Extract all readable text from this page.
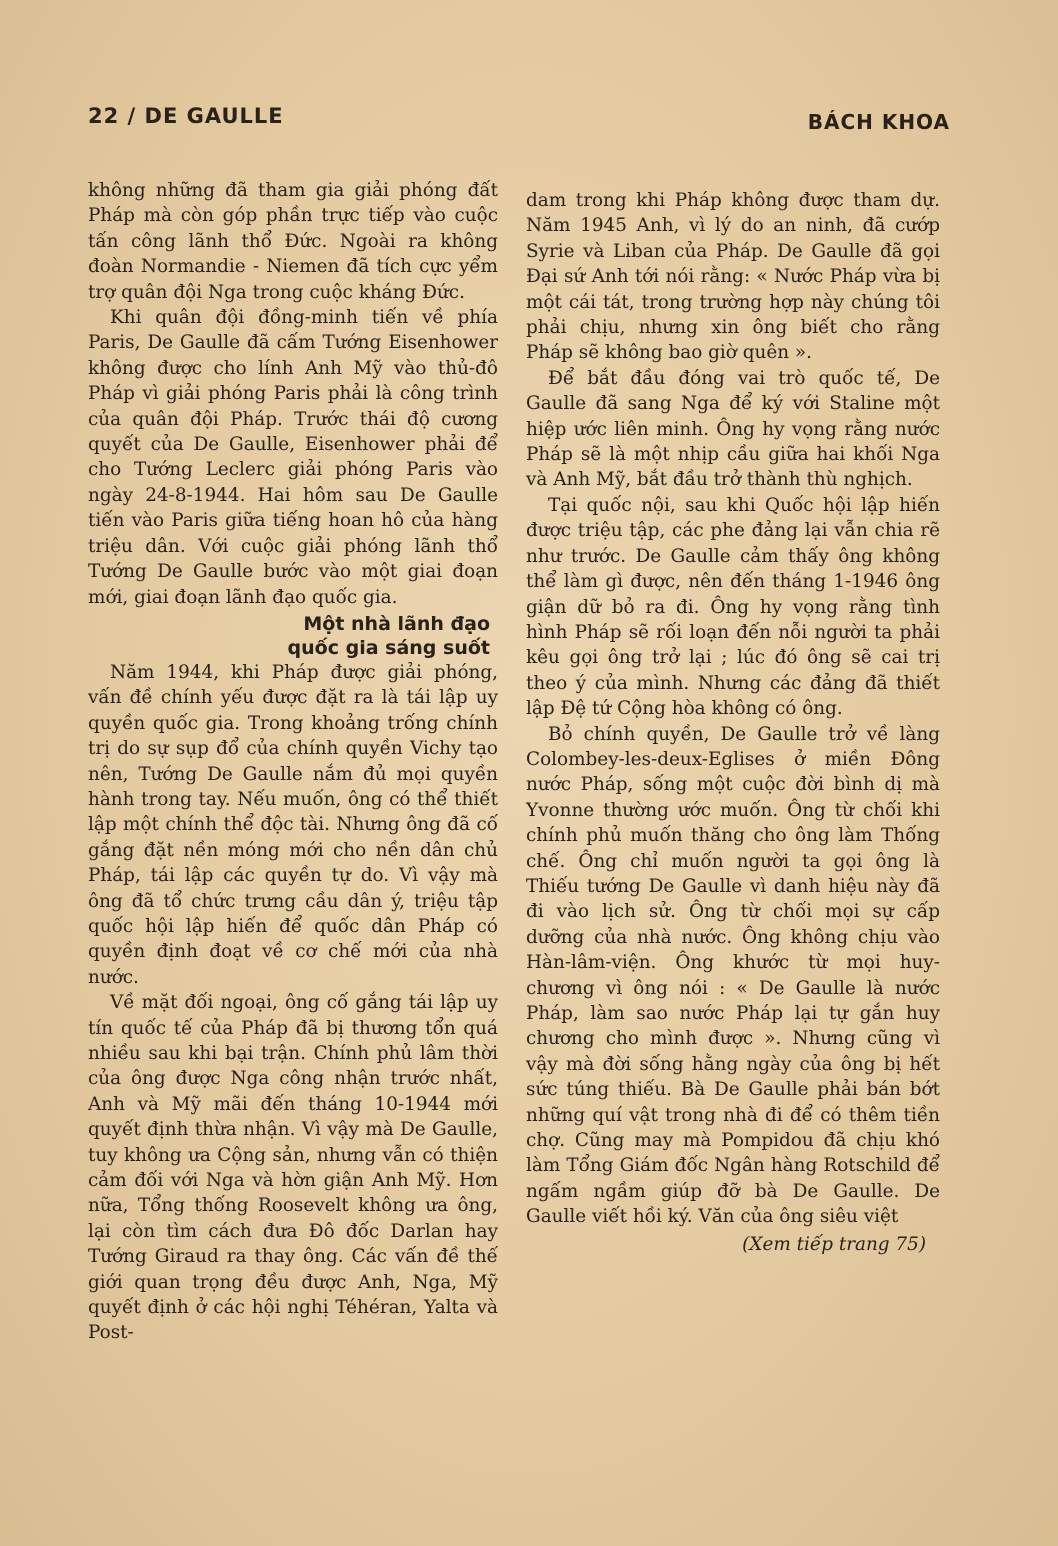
22 / DE GAULLE	BÁCH KHOA

không những đã tham gia giải phóng đất Pháp mà còn góp phần trực tiếp vào cuộc tấn công lãnh thổ Đức. Ngoài ra không đoàn Normandie - Niemen đã tích cực yểm trợ quân đội Nga trong cuộc kháng Đức.

Khi quân đội đồng-minh tiến về phía Paris, De Gaulle đã cấm Tướng Eisenhower không được cho lính Anh Mỹ vào thủ-đô Pháp vì giải phóng Paris phải là công trình của quân đội Pháp. Trước thái độ cương quyết của De Gaulle, Eisenhower phải để cho Tướng Leclerc giải phóng Paris vào ngày 24-8-1944. Hai hôm sau De Gaulle tiến vào Paris giữa tiếng hoan hô của hàng triệu dân. Với cuộc giải phóng lãnh thổ Tướng De Gaulle bước vào một giai đoạn mới, giai đoạn lãnh đạo quốc gia.

Một nhà lãnh đạo
quốc gia sáng suốt

Năm 1944, khi Pháp được giải phóng, vấn đề chính yếu được đặt ra là tái lập uy quyền quốc gia. Trong khoảng trống chính trị do sự sụp đổ của chính quyền Vichy tạo nên, Tướng De Gaulle nắm đủ mọi quyền hành trong tay. Nếu muốn, ông có thể thiết lập một chính thể độc tài. Nhưng ông đã cố gắng đặt nền móng mới cho nền dân chủ Pháp, tái lập các quyền tự do. Vì vậy mà ông đã tổ chức trưng cầu dân ý, triệu tập quốc hội lập hiến để quốc dân Pháp có quyền định đoạt về cơ chế mới của nhà nước.

Về mặt đối ngoại, ông cố gắng tái lập uy tín quốc tế của Pháp đã bị thương tổn quá nhiều sau khi bại trận. Chính phủ lâm thời của ông được Nga công nhận trước nhất, Anh và Mỹ mãi đến tháng 10-1944 mới quyết định thừa nhận. Vì vậy mà De Gaulle, tuy không ưa Cộng sản, nhưng vẫn có thiện cảm đối với Nga và hờn giận Anh Mỹ. Hơn nữa, Tổng thống Roosevelt không ưa ông, lại còn tìm cách đưa Đô đốc Darlan hay Tướng Giraud ra thay ông. Các vấn đề thế giới quan trọng đều được Anh, Nga, Mỹ quyết định ở các hội nghị Téhéran, Yalta và Post-

dam trong khi Pháp không được tham dự. Năm 1945 Anh, vì lý do an ninh, đã cướp Syrie và Liban của Pháp. De Gaulle đã gọi Đại sứ Anh tới nói rằng: « Nước Pháp vừa bị một cái tát, trong trường hợp này chúng tôi phải chịu, nhưng xin ông biết cho rằng Pháp sẽ không bao giờ quên ».

Để bắt đầu đóng vai trò quốc tế, De Gaulle đã sang Nga để ký với Staline một hiệp ước liên minh. Ông hy vọng rằng nước Pháp sẽ là một nhịp cầu giữa hai khối Nga và Anh Mỹ, bắt đầu trở thành thù nghịch.

Tại quốc nội, sau khi Quốc hội lập hiến được triệu tập, các phe đảng lại vẫn chia rẽ như trước. De Gaulle cảm thấy ông không thể làm gì được, nên đến tháng 1-1946 ông giận dữ bỏ ra đi. Ông hy vọng rằng tình hình Pháp sẽ rối loạn đến nỗi người ta phải kêu gọi ông trở lại ; lúc đó ông sẽ cai trị theo ý của mình. Nhưng các đảng đã thiết lập Đệ tứ Cộng hòa không có ông.

Bỏ chính quyền, De Gaulle trở về làng Colombey-les-deux-Eglises ở miền Đông nước Pháp, sống một cuộc đời bình dị mà Yvonne thường ước muốn. Ông từ chối khi chính phủ muốn thăng cho ông làm Thống chế. Ông chỉ muốn người ta gọi ông là Thiếu tướng De Gaulle vì danh hiệu này đã đi vào lịch sử. Ông từ chối mọi sự cấp dưỡng của nhà nước. Ông không chịu vào Hàn-lâm-viện. Ông khước từ mọi huy-chương vì ông nói : « De Gaulle là nước Pháp, làm sao nước Pháp lại tự gắn huy chương cho mình được ». Nhưng cũng vì vậy mà đời sống hằng ngày của ông bị hết sức túng thiếu. Bà De Gaulle phải bán bớt những quí vật trong nhà đi để có thêm tiền chợ. Cũng may mà Pompidou đã chịu khó làm Tổng Giám đốc Ngân hàng Rotschild để ngấm ngầm giúp đỡ bà De Gaulle. De Gaulle viết hồi ký. Văn của ông siêu việt

(Xem tiếp trang 75)
